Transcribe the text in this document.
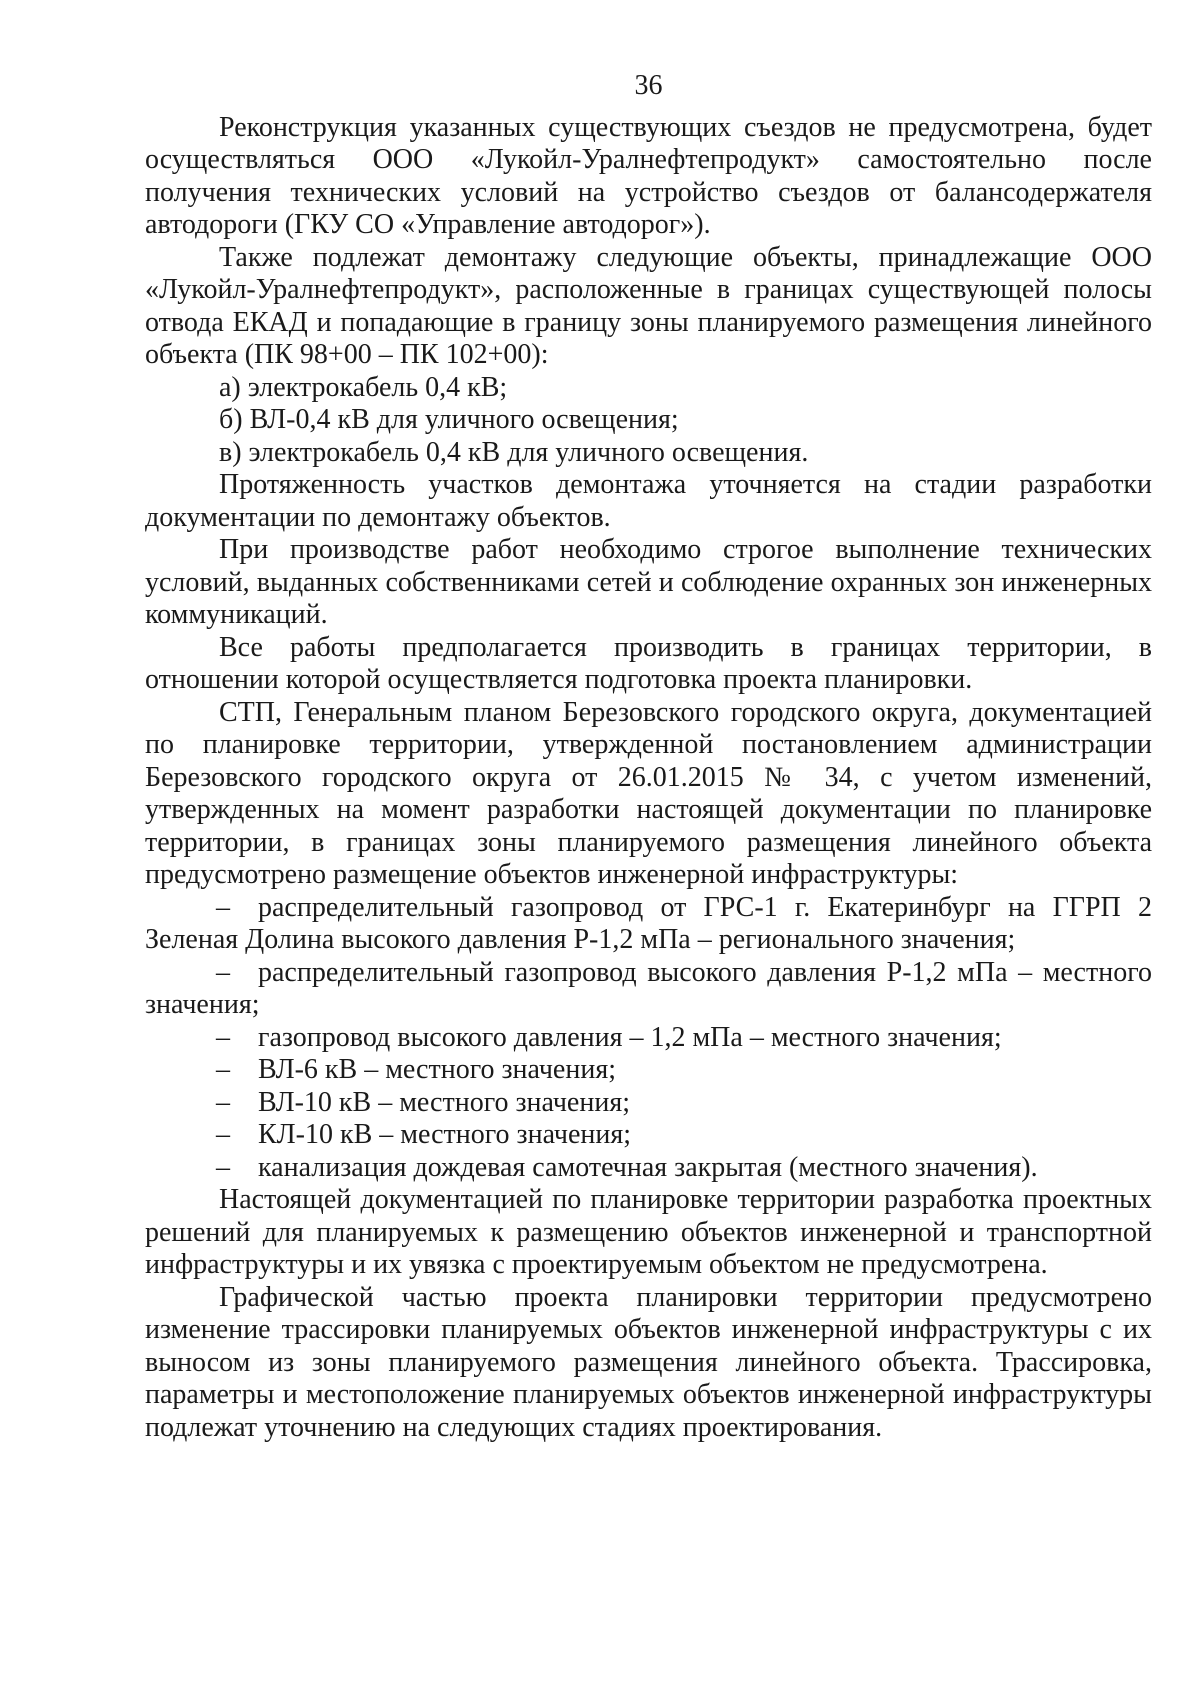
36

Реконструкция указанных существующих съездов не предусмотрена, будет осуществляться ООО «Лукойл-Уралнефтепродукт» самостоятельно после получения технических условий на устройство съездов от балансодержателя автодороги (ГКУ СО «Управление автодорог»).

Также подлежат демонтажу следующие объекты, принадлежащие ООО «Лукойл-Уралнефтепродукт», расположенные в границах существующей полосы отвода ЕКАД и попадающие в границу зоны планируемого размещения линейного объекта (ПК 98+00 – ПК 102+00):

а) электрокабель 0,4 кВ;

б) ВЛ-0,4 кВ для уличного освещения;

в) электрокабель 0,4 кВ для уличного освещения.

Протяженность участков демонтажа уточняется на стадии разработки документации по демонтажу объектов.

При производстве работ необходимо строгое выполнение технических условий, выданных собственниками сетей и соблюдение охранных зон инженерных коммуникаций.

Все работы предполагается производить в границах территории, в отношении которой осуществляется подготовка проекта планировки.

СТП, Генеральным планом Березовского городского округа, документацией по планировке территории, утвержденной постановлением администрации Березовского городского округа от 26.01.2015 № 34, с учетом изменений, утвержденных на момент разработки настоящей документации по планировке территории, в границах зоны планируемого размещения линейного объекта предусмотрено размещение объектов инженерной инфраструктуры:

– распределительный газопровод от ГРС-1 г. Екатеринбург на ГГРП 2 Зеленая Долина высокого давления Р-1,2 мПа – регионального значения;

– распределительный газопровод высокого давления Р-1,2 мПа – местного значения;

– газопровод высокого давления – 1,2 мПа – местного значения;

– ВЛ-6 кВ – местного значения;

– ВЛ-10 кВ – местного значения;

– КЛ-10 кВ – местного значения;

– канализация дождевая самотечная закрытая (местного значения).

Настоящей документацией по планировке территории разработка проектных решений для планируемых к размещению объектов инженерной и транспортной инфраструктуры и их увязка с проектируемым объектом не предусмотрена.

Графической частью проекта планировки территории предусмотрено изменение трассировки планируемых объектов инженерной инфраструктуры с их выносом из зоны планируемого размещения линейного объекта. Трассировка, параметры и местоположение планируемых объектов инженерной инфраструктуры подлежат уточнению на следующих стадиях проектирования.
